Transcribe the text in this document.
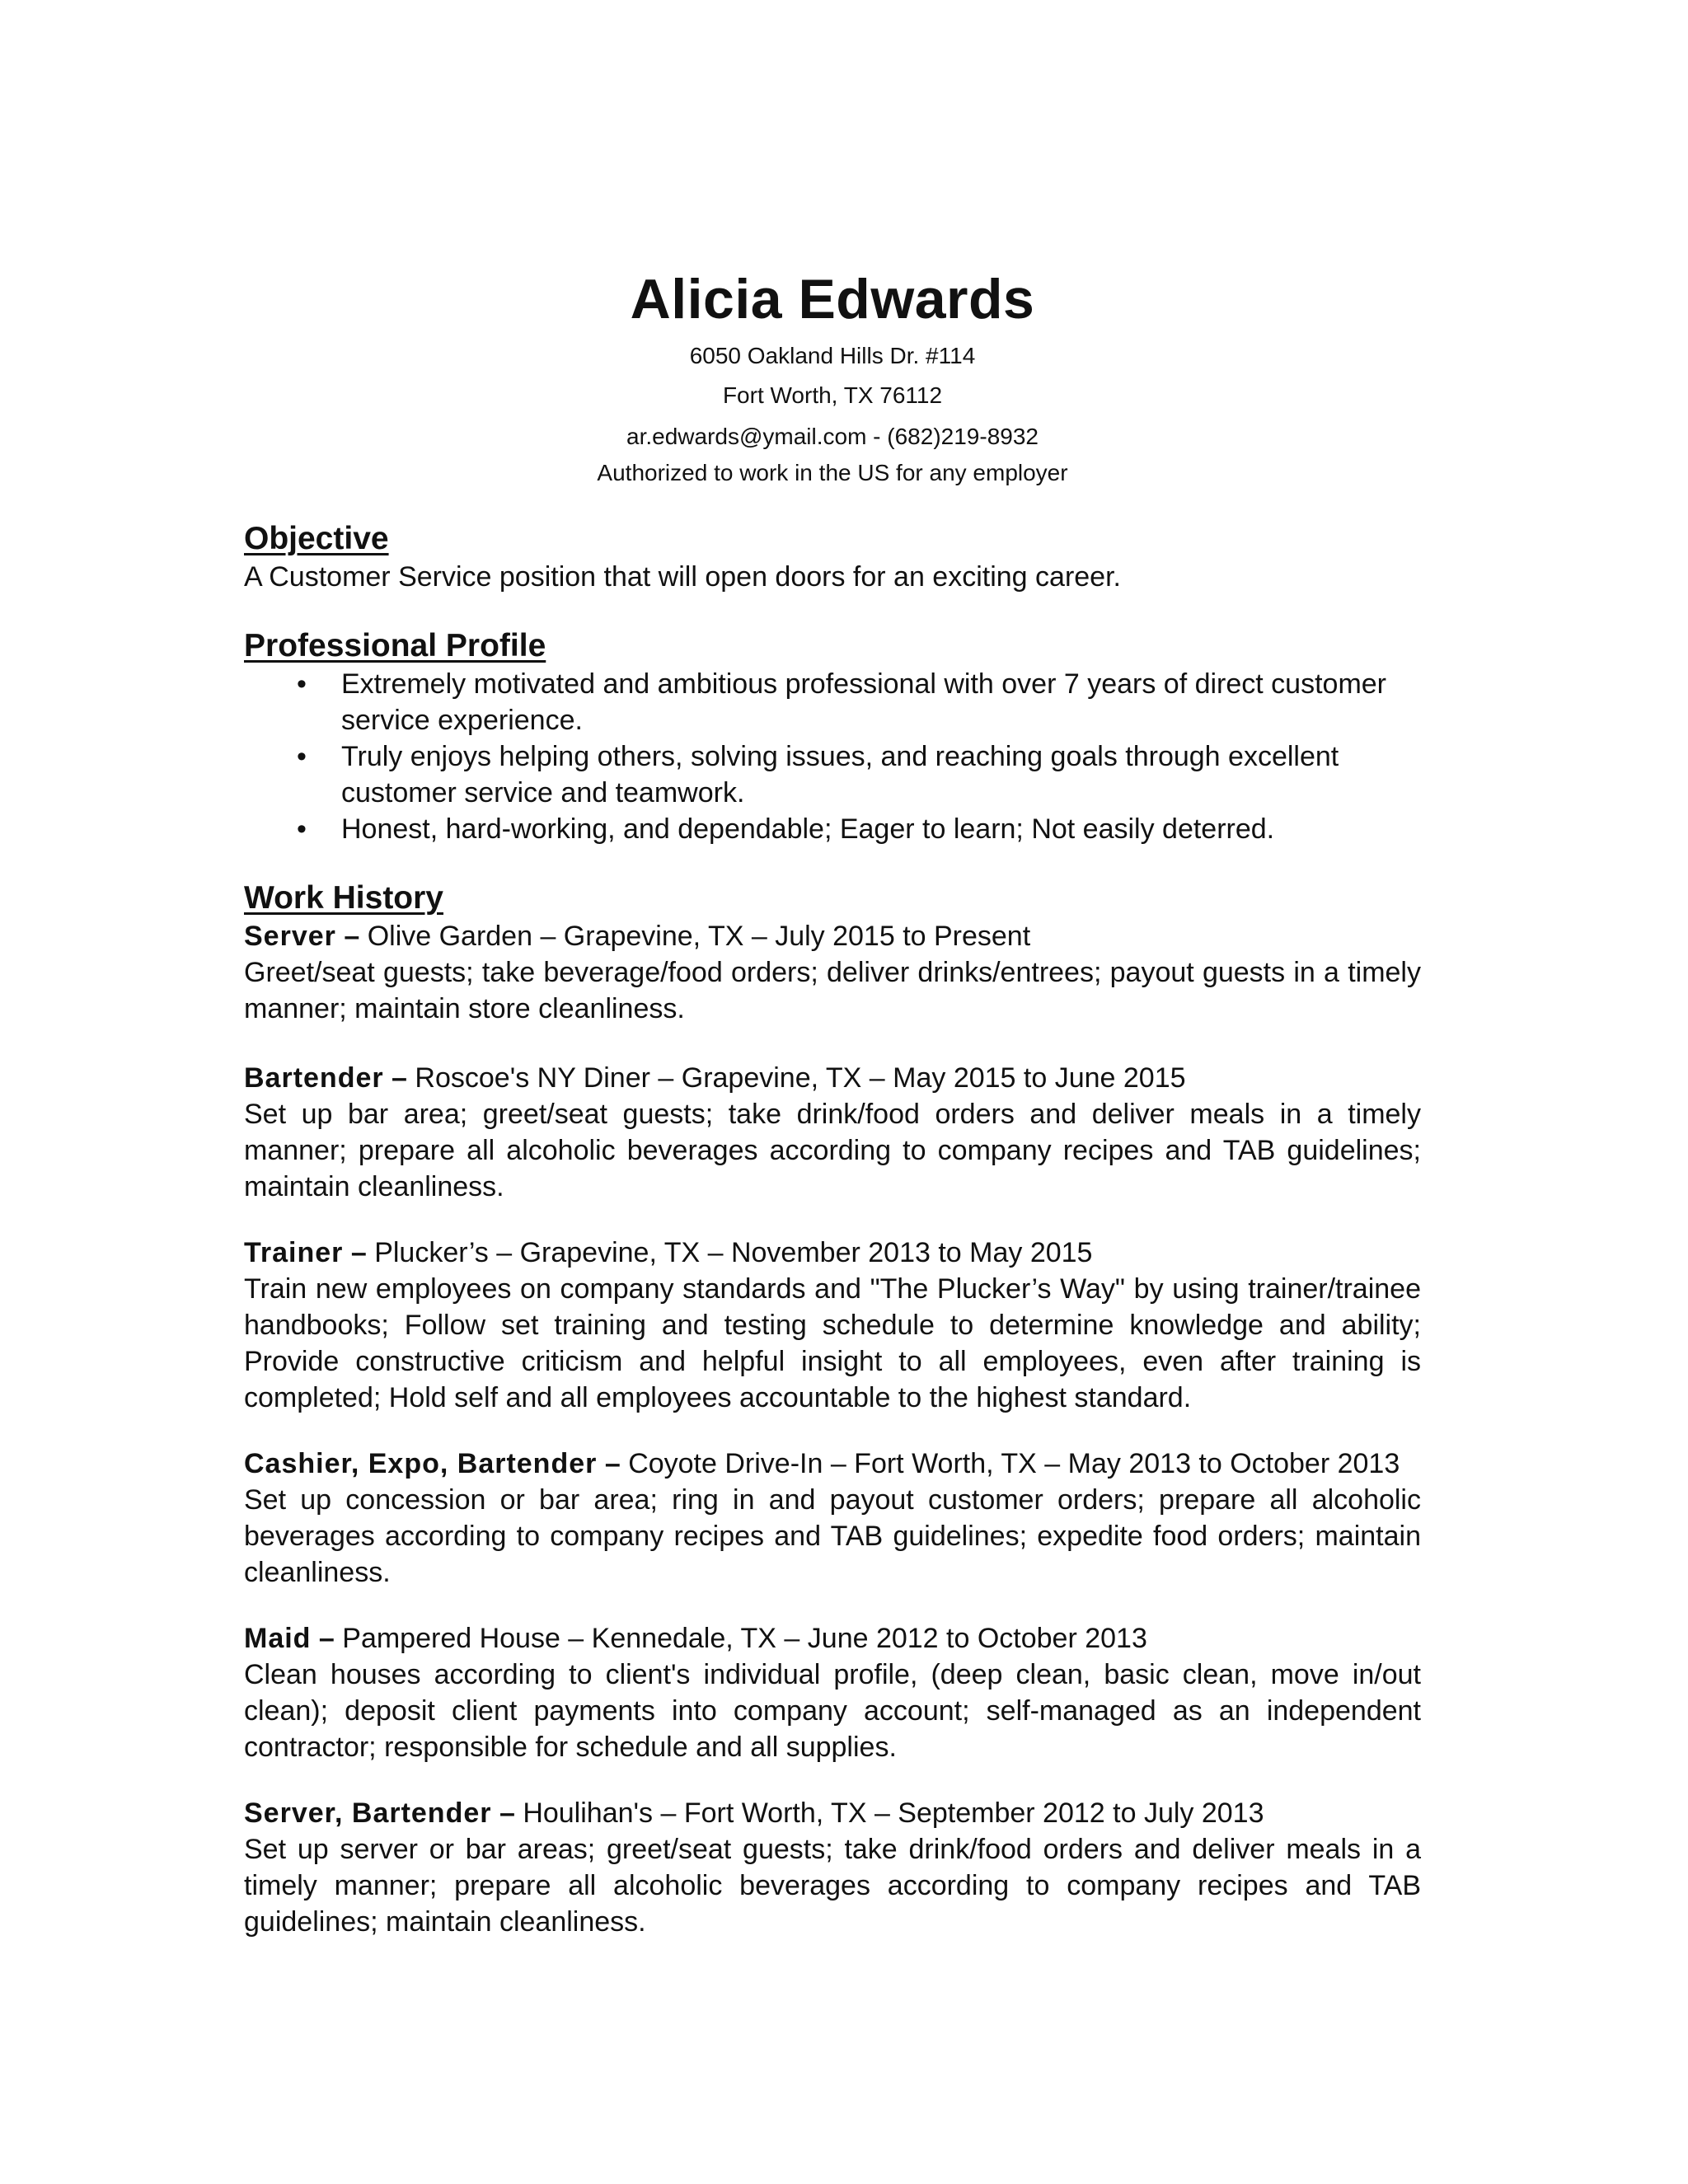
Alicia Edwards

6050 Oakland Hills Dr. #114

Fort Worth, TX 76112

ar.edwards@ymail.com - (682)219-8932

Authorized to work in the US for any employer

Objective

A Customer Service position that will open doors for an exciting career.

Professional Profile
• Extremely motivated and ambitious professional with over 7 years of direct customer service experience.
• Truly enjoys helping others, solving issues, and reaching goals through excellent customer service and teamwork.
• Honest, hard-working, and dependable; Eager to learn; Not easily deterred.
Work History

Server – Olive Garden – Grapevine, TX – July 2015 to Present

Greet/seat guests; take beverage/food orders; deliver drinks/entrees; payout guests in a timely manner; maintain store cleanliness.

Bartender – Roscoe's NY Diner – Grapevine, TX – May 2015 to June 2015

Set up bar area; greet/seat guests; take drink/food orders and deliver meals in a timely manner; prepare all alcoholic beverages according to company recipes and TAB guidelines; maintain cleanliness.

Trainer – Plucker’s – Grapevine, TX – November 2013 to May 2015

Train new employees on company standards and "The Plucker’s Way" by using trainer/trainee handbooks; Follow set training and testing schedule to determine knowledge and ability; Provide constructive criticism and helpful insight to all employees, even after training is completed; Hold self and all employees accountable to the highest standard.

Cashier, Expo, Bartender – Coyote Drive-In – Fort Worth, TX – May 2013 to October 2013

Set up concession or bar area; ring in and payout customer orders; prepare all alcoholic beverages according to company recipes and TAB guidelines; expedite food orders; maintain cleanliness.

Maid – Pampered House – Kennedale, TX – June 2012 to October 2013

Clean houses according to client's individual profile, (deep clean, basic clean, move in/out clean); deposit client payments into company account; self-managed as an independent contractor; responsible for schedule and all supplies.

Server, Bartender – Houlihan's – Fort Worth, TX – September 2012 to July 2013

Set up server or bar areas; greet/seat guests; take drink/food orders and deliver meals in a timely manner; prepare all alcoholic beverages according to company recipes and TAB guidelines; maintain cleanliness.
